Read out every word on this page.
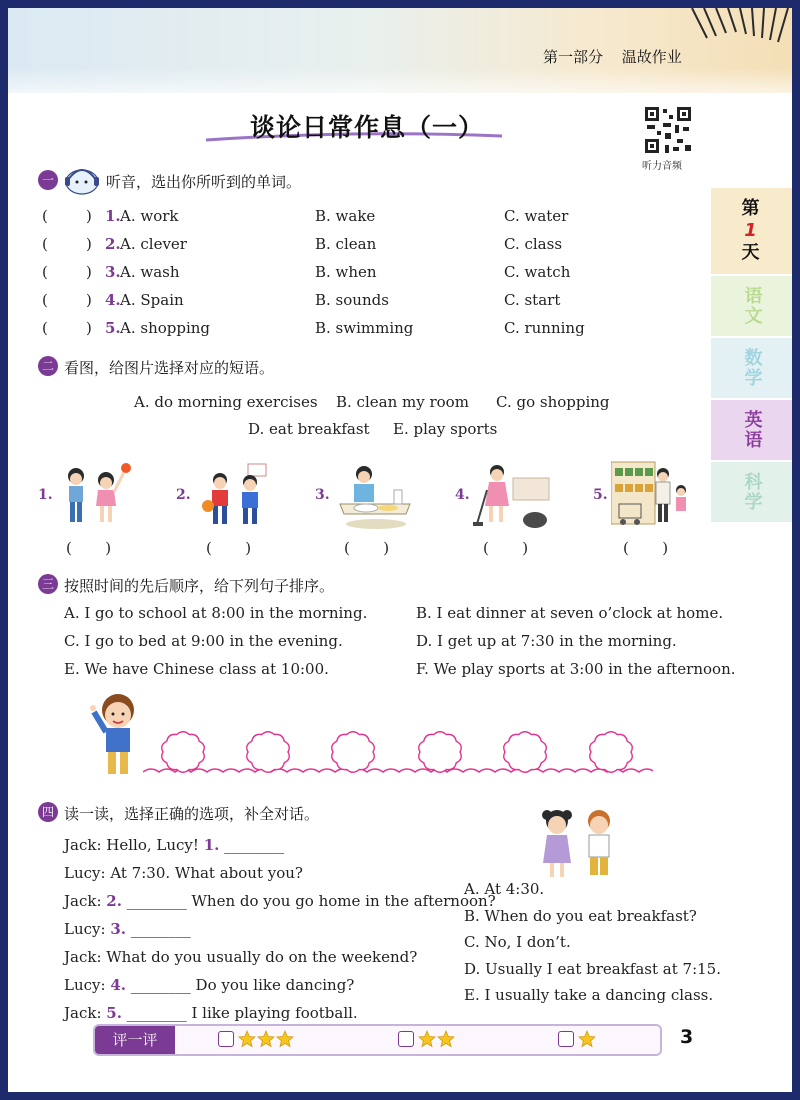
第一部分 温故作业
谈论日常作息（一）
听力音频
第
1
天
语文
数学
英语
科学
一	听音，选出你所听到的单词。
二 看图，给图片选择对应的短语。
A. do morning exercises B. clean my room C. go shopping
D. eat breakfast E. play sports
1.
(       )
2.
(       )
3.
(       )
4.
(       )
5.
(       )
三 按照时间的先后顺序，给下列句子排序。
A. I go to school at 8:00 in the morning.	B. I eat dinner at seven o’clock at home.
C. I go to bed at 9:00 in the evening.	D. I get up at 7:30 in the morning.
E. We have Chinese class at 10:00.	F. We play sports at 3:00 in the afternoon.
四 读一读，选择正确的选项，补全对话。
评一评	3
(        ) 1. A. work	B. wake	C. water
(        ) 2. A. clever	B. clean	C. class
(        ) 3. A. wash	B. when	C. watch
(        ) 4. A. Spain	B. sounds	C. start
(        ) 5. A. shopping	B. swimming	C. running
Jack: Hello, Lucy! 1. ________
Lucy: At 7:30. What about you?
Jack: 2. ________ When do you go home in the afternoon?
Lucy: 3. ________
Jack: What do you usually do on the weekend?
Lucy: 4. ________ Do you like dancing?
Jack: 5. ________ I like playing football.
A. At 4:30.
B. When do you eat breakfast?
C. No, I don’t.
D. Usually I eat breakfast at 7:15.
E. I usually take a dancing class.
